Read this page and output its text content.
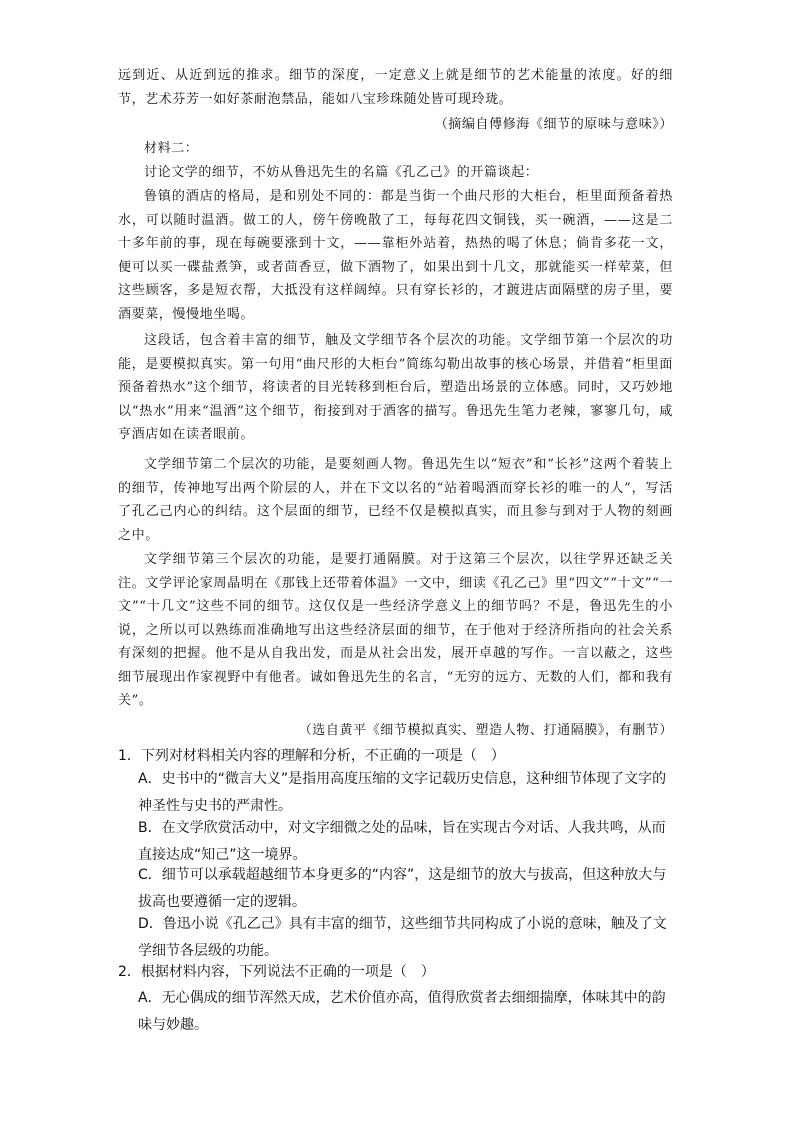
远到近、从近到远的推求。细节的深度，一定意义上就是细节的艺术能量的浓度。好的细节，艺术芬芳一如好茶耐泡禁品，能如八宝珍珠随处皆可现玲珑。

（摘编自傅修海《细节的原味与意味》）

材料二：

讨论文学的细节，不妨从鲁迅先生的名篇《孔乙己》的开篇谈起：

鲁镇的酒店的格局，是和别处不同的：都是当街一个曲尺形的大柜台，柜里面预备着热水，可以随时温酒。做工的人，傍午傍晚散了工，每每花四文铜钱，买一碗酒，——这是二十多年前的事，现在每碗要涨到十文，——靠柜外站着，热热的喝了休息；倘肯多花一文，便可以买一碟盐煮笋，或者茴香豆，做下酒物了，如果出到十几文，那就能买一样荤菜，但这些顾客，多是短衣帮，大抵没有这样阔绰。只有穿长衫的，才踱进店面隔壁的房子里，要酒要菜，慢慢地坐喝。

这段话，包含着丰富的细节，触及文学细节各个层次的功能。文学细节第一个层次的功能，是要模拟真实。第一句用“曲尺形的大柜台”简练勾勒出故事的核心场景，并借着“柜里面预备着热水”这个细节，将读者的目光转移到柜台后，塑造出场景的立体感。同时，又巧妙地以“热水”用来“温酒”这个细节，衔接到对于酒客的描写。鲁迅先生笔力老辣，寥寥几句，咸亨酒店如在读者眼前。

文学细节第二个层次的功能，是要刻画人物。鲁迅先生以“短衣”和“长衫”这两个着装上的细节，传神地写出两个阶层的人，并在下文以名的“站着喝酒而穿长衫的唯一的人”，写活了孔乙己内心的纠结。这个层面的细节，已经不仅是模拟真实，而且参与到对于人物的刻画之中。

文学细节第三个层次的功能，是要打通隔膜。对于这第三个层次，以往学界还缺乏关注。文学评论家周晶明在《那钱上还带着体温》一文中，细读《孔乙己》里“四文”“十文”“一文”“十几文”这些不同的细节。这仅仅是一些经济学意义上的细节吗？不是，鲁迅先生的小说，之所以可以熟练而准确地写出这些经济层面的细节，在于他对于经济所指向的社会关系有深刻的把握。他不是从自我出发，而是从社会出发，展开卓越的写作。一言以蔽之，这些细节展现出作家视野中有他者。诚如鲁迅先生的名言，“无穷的远方、无数的人们，都和我有关”。

（选自黄平《细节模拟真实、塑造人物、打通隔膜》，有删节）

1．下列对材料相关内容的理解和分析，不正确的一项是（　）

A．史书中的“微言大义”是指用高度压缩的文字记载历史信息，这种细节体现了文字的神圣性与史书的严肃性。

B．在文学欣赏活动中，对文字细微之处的品味，旨在实现古今对话、人我共鸣，从而直接达成“知己”这一境界。

C．细节可以承载超越细节本身更多的“内容”，这是细节的放大与拔高，但这种放大与拔高也要遵循一定的逻辑。

D．鲁迅小说《孔乙己》具有丰富的细节，这些细节共同构成了小说的意味，触及了文学细节各层级的功能。

2．根据材料内容，下列说法不正确的一项是（　）

A．无心偶成的细节浑然天成，艺术价值亦高，值得欣赏者去细细揣摩，体味其中的韵味与妙趣。
